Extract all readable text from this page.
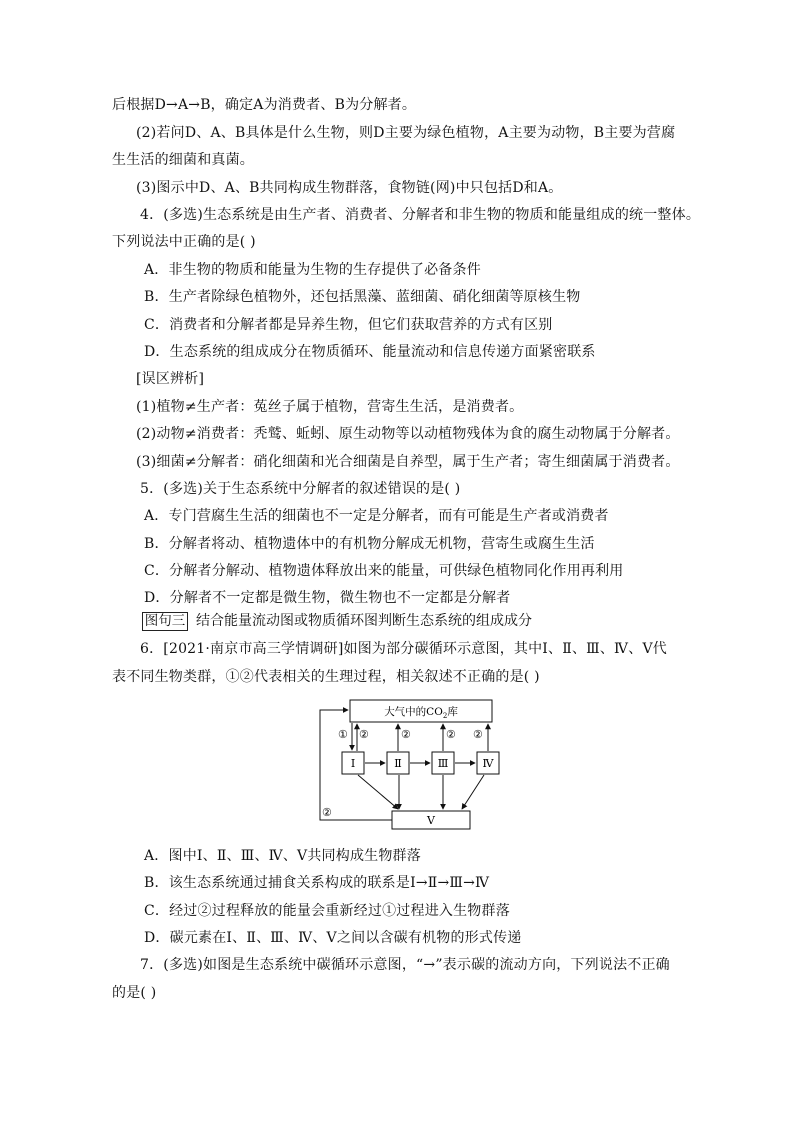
后根据D→A→B，确定A为消费者、B为分解者。
(2)若问D、A、B具体是什么生物，则D主要为绿色植物，A主要为动物，B主要为营腐
生生活的细菌和真菌。
(3)图示中D、A、B共同构成生物群落，食物链(网)中只包括D和A。
4．(多选)生态系统是由生产者、消费者、分解者和非生物的物质和能量组成的统一整体。
下列说法中正确的是( )
A．非生物的物质和能量为生物的生存提供了必备条件
B．生产者除绿色植物外，还包括黑藻、蓝细菌、硝化细菌等原核生物
C．消费者和分解者都是异养生物，但它们获取营养的方式有区别
D．生态系统的组成成分在物质循环、能量流动和信息传递方面紧密联系
[误区辨析]
(1)植物≠生产者：菟丝子属于植物，营寄生生活，是消费者。
(2)动物≠消费者：秃鹫、蚯蚓、原生动物等以动植物残体为食的腐生动物属于分解者。
(3)细菌≠分解者：硝化细菌和光合细菌是自养型，属于生产者；寄生细菌属于消费者。
5．(多选)关于生态系统中分解者的叙述错误的是( )
A．专门营腐生生活的细菌也不一定是分解者，而有可能是生产者或消费者
B．分解者将动、植物遗体中的有机物分解成无机物，营寄生或腐生生活
C．分解者分解动、植物遗体释放出来的能量，可供绿色植物同化作用再利用
D．分解者不一定都是微生物，微生物也不一定都是分解者
图句三 结合能量流动图或物质循环图判断生态系统的组成成分
6．[2021·南京市高三学情调研]如图为部分碳循环示意图，其中Ⅰ、Ⅱ、Ⅲ、Ⅳ、Ⅴ代
表不同生物类群，①②代表相关的生理过程，相关叙述不正确的是( )
大气中的$CO_2$库
Ⅰ	Ⅱ	Ⅲ	Ⅳ
Ⅴ
① ②	②	② ②
②
A．图中Ⅰ、Ⅱ、Ⅲ、Ⅳ、Ⅴ共同构成生物群落
B．该生态系统通过捕食关系构成的联系是Ⅰ→Ⅱ→Ⅲ→Ⅳ
C．经过②过程释放的能量会重新经过①过程进入生物群落
D．碳元素在Ⅰ、Ⅱ、Ⅲ、Ⅳ、Ⅴ之间以含碳有机物的形式传递
7．(多选)如图是生态系统中碳循环示意图，“→”表示碳的流动方向，下列说法不正确
的是( )
